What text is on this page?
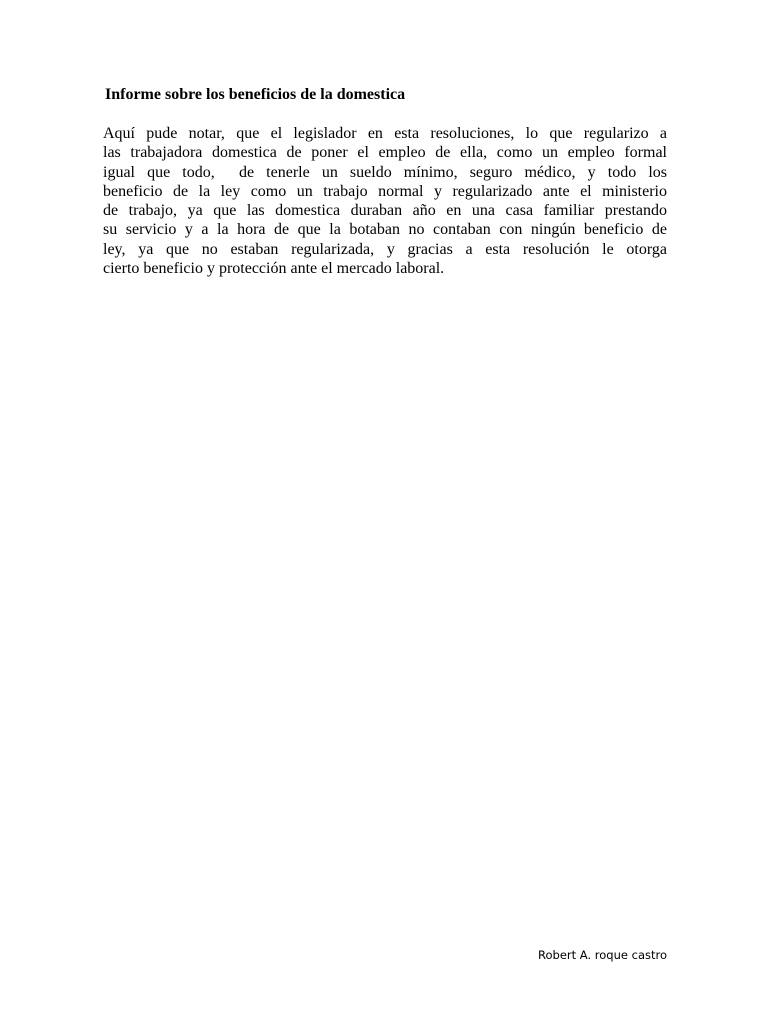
Informe sobre los beneficios de la domestica
Aquí pude notar, que el legislador en esta resoluciones, lo que regularizo a
las trabajadora domestica de poner el empleo de ella, como un empleo formal
igual que todo,  de tenerle un sueldo mínimo, seguro médico, y todo los
beneficio de la ley como un trabajo normal y regularizado ante el ministerio
de trabajo, ya que las domestica duraban año en una casa familiar prestando
su servicio y a la hora de que la botaban no contaban con ningún beneficio de
ley, ya que no estaban regularizada, y gracias a esta resolución le otorga
cierto beneficio y protección ante el mercado laboral.

Robert A. roque castro
